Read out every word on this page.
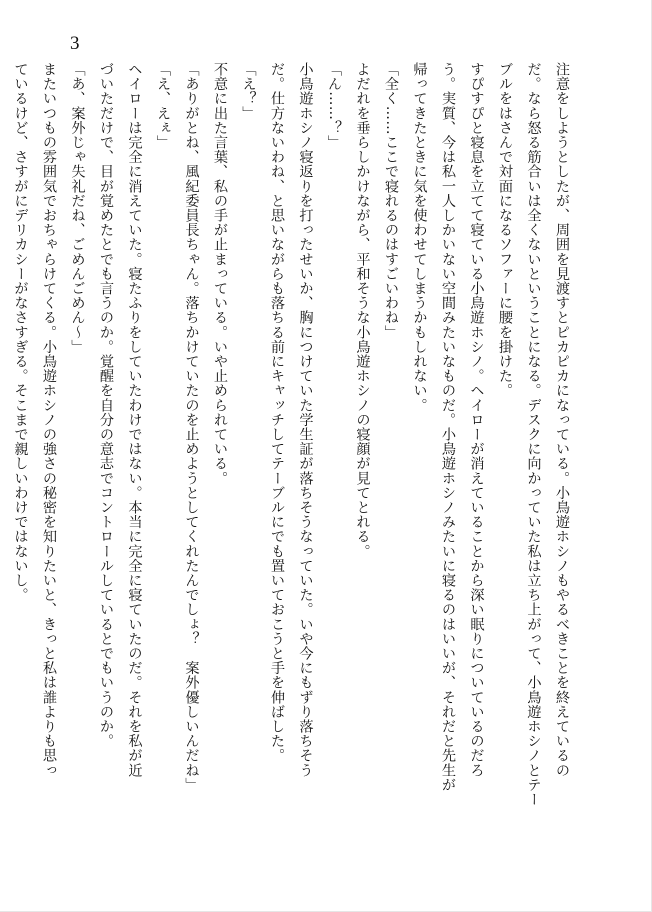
3
注意をしようとしたが、周囲を見渡すとピカピカになっている。小鳥遊ホシノもやるべきことを終えているの
だ。なら怒る筋合いは全くないということになる。デスクに向かっていた私は立ち上がって、小鳥遊ホシノとテー
ブルをはさんで対面になるソファーに腰を掛けた。
すぴすぴと寝息を立てて寝ている小鳥遊ホシノ。ヘイローが消えていることから深い眠りについているのだろ
う。実質、今は私一人しかいない空間みたいなものだ。小鳥遊ホシノみたいに寝るのはいいが、それだと先生が
帰ってきたときに気を使わせてしまうかもしれない。
「全く……ここで寝れるのはすごいわね」
よだれを垂らしかけながら、平和そうな小鳥遊ホシノの寝顔が見てとれる。
「ん……？」
小鳥遊ホシノ寝返りを打ったせいか、胸につけていた学生証が落ちそうなっていた。いや今にもずり落ちそう
だ。仕方ないわね、と思いながらも落ちる前にキャッチしてテーブルにでも置いておこうと手を伸ばした。
「え？」
不意に出た言葉、私の手が止まっている。いや止められている。
「ありがとね、風紀委員長ちゃん。落ちかけていたのを止めようとしてくれたんでしょ？　案外優しいんだね」
「え、えぇ」
ヘイローは完全に消えていた。寝たふりをしていたわけではない。本当に完全に寝ていたのだ。それを私が近
づいただけで、目が覚めたとでも言うのか。覚醒を自分の意志でコントロールしているとでもいうのか。
「あ、案外じゃ失礼だね、ごめんごめん～」
またいつもの雰囲気でおちゃらけてくる。小鳥遊ホシノの強さの秘密を知りたいと、きっと私は誰よりも思っ
ているけど、さすがにデリカシーがなさすぎる。そこまで親しいわけではないし。
